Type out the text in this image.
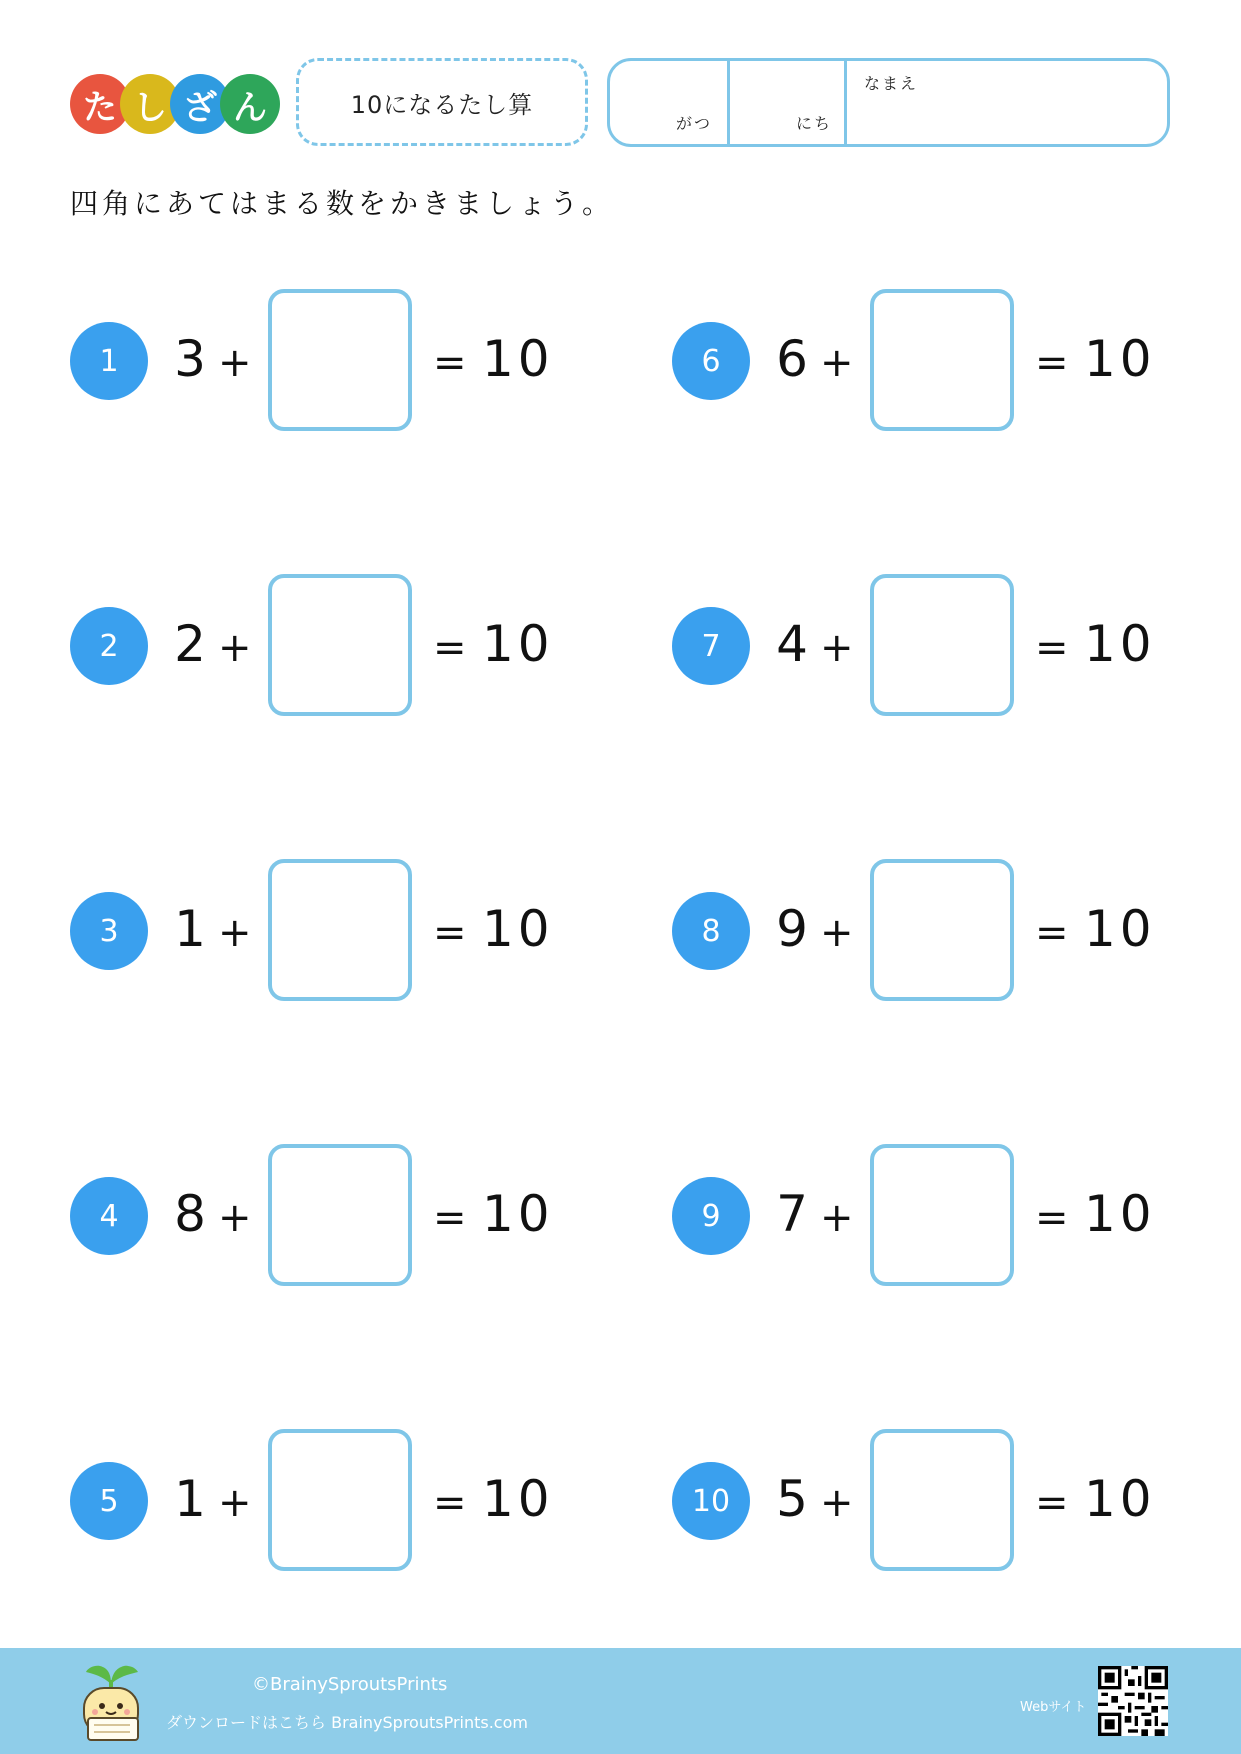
た し ざ ん	10になるたし算
がつ	にち
なまえ
四角にあてはまる数をかきましょう。
1	3 +	= 10
2	2 +	= 10
3	1 +	= 10
4	8 +	= 10
5	1 +	= 10
6	6 +	= 10
7	4 +	= 10
8	9 +	= 10
9	7 +	= 10
10 5 +	= 10
©BrainySproutsPrints
ダウンロードはこちら BrainySproutsPrints.com
Webサイト
